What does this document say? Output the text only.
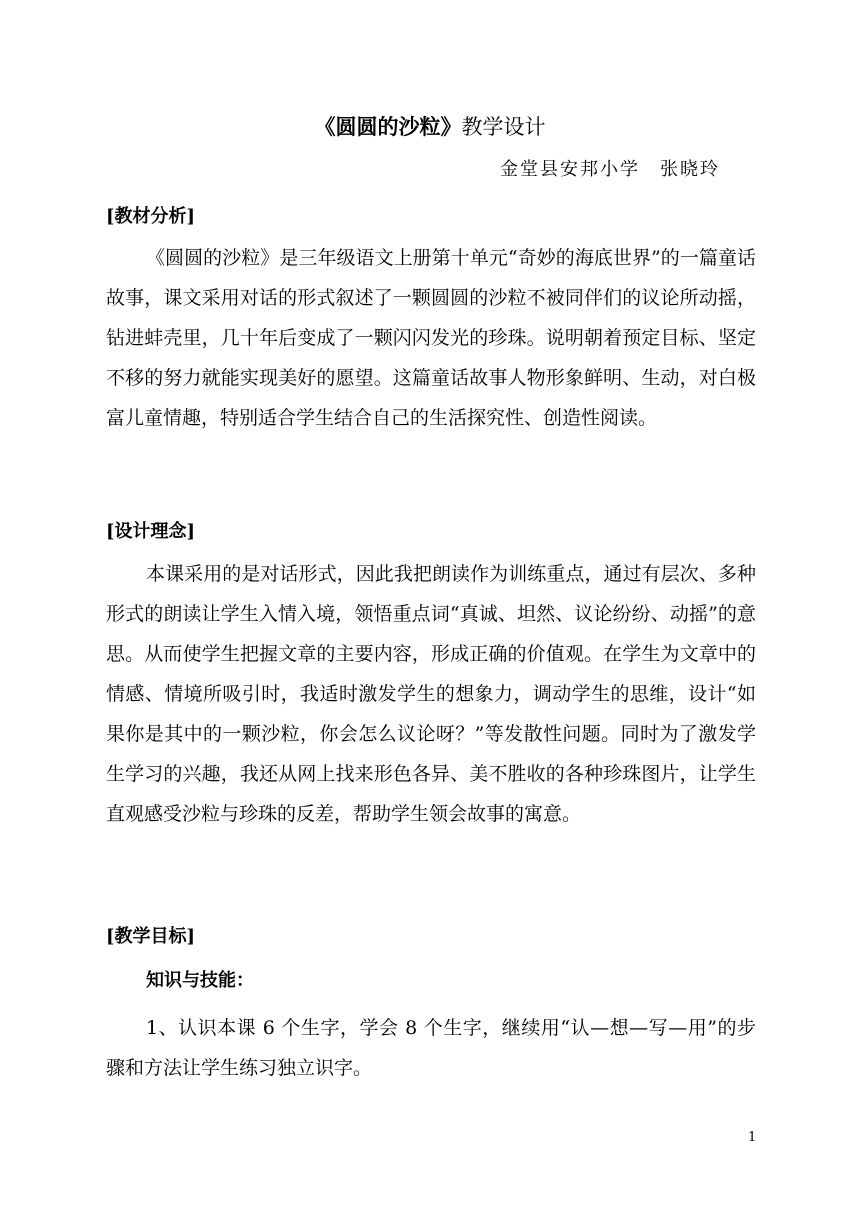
《圆圆的沙粒》教学设计
金堂县安邦小学　张晓玲
[教材分析]
《圆圆的沙粒》是三年级语文上册第十单元“奇妙的海底世界”的一篇童话故事，课文采用对话的形式叙述了一颗圆圆的沙粒不被同伴们的议论所动摇，钻进蚌壳里，几十年后变成了一颗闪闪发光的珍珠。说明朝着预定目标、坚定不移的努力就能实现美好的愿望。这篇童话故事人物形象鲜明、生动，对白极富儿童情趣，特别适合学生结合自己的生活探究性、创造性阅读。
[设计理念]
本课采用的是对话形式，因此我把朗读作为训练重点，通过有层次、多种形式的朗读让学生入情入境，领悟重点词“真诚、坦然、议论纷纷、动摇”的意思。从而使学生把握文章的主要内容，形成正确的价值观。在学生为文章中的情感、情境所吸引时，我适时激发学生的想象力，调动学生的思维，设计“如果你是其中的一颗沙粒，你会怎么议论呀？”等发散性问题。同时为了激发学生学习的兴趣，我还从网上找来形色各异、美不胜收的各种珍珠图片，让学生直观感受沙粒与珍珠的反差，帮助学生领会故事的寓意。
[教学目标]
知识与技能：
1、认识本课 6 个生字，学会 8 个生字，继续用“认—想—写—用”的步骤和方法让学生练习独立识字。
1
